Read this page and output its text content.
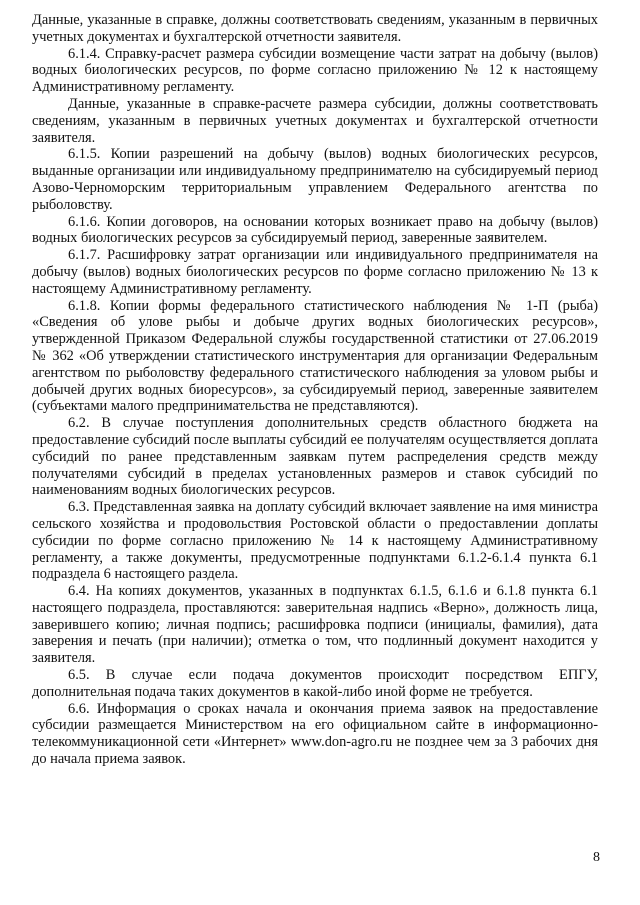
Данные, указанные в справке, должны соответствовать сведениям, указанным в первичных учетных документах и бухгалтерской отчетности заявителя.

6.1.4. Справку-расчет размера субсидии возмещение части затрат на добычу (вылов) водных биологических ресурсов, по форме согласно приложению № 12 к настоящему Административному регламенту.

Данные, указанные в справке-расчете размера субсидии, должны соответствовать сведениям, указанным в первичных учетных документах и бухгалтерской отчетности заявителя.

6.1.5. Копии разрешений на добычу (вылов) водных биологических ресурсов, выданные организации или индивидуальному предпринимателю на субсидируемый период Азово-Черноморским территориальным управлением Федерального агентства по рыболовству.

6.1.6. Копии договоров, на основании которых возникает право на добычу (вылов) водных биологических ресурсов за субсидируемый период, заверенные заявителем.

6.1.7. Расшифровку затрат организации или индивидуального предпринимателя на добычу (вылов) водных биологических ресурсов по форме согласно приложению № 13 к настоящему Административному регламенту.

6.1.8. Копии формы федерального статистического наблюдения № 1-П (рыба) «Сведения об улове рыбы и добыче других водных биологических ресурсов», утвержденной Приказом Федеральной службы государственной статистики от 27.06.2019 № 362 «Об утверждении статистического инструментария для организации Федеральным агентством по рыболовству федерального статистического наблюдения за уловом рыбы и добычей других водных биоресурсов», за субсидируемый период, заверенные заявителем (субъектами малого предпринимательства не представляются).

6.2. В случае поступления дополнительных средств областного бюджета на предоставление субсидий после выплаты субсидий ее получателям осуществляется доплата субсидий по ранее представленным заявкам путем распределения средств между получателями субсидий в пределах установленных размеров и ставок субсидий по наименованиям водных биологических ресурсов.

6.3. Представленная заявка на доплату субсидий включает заявление на имя министра сельского хозяйства и продовольствия Ростовской области о предоставлении доплаты субсидии по форме согласно приложению № 14 к настоящему Административному регламенту, а также документы, предусмотренные подпунктами 6.1.2-6.1.4 пункта 6.1 подраздела 6 настоящего раздела.

6.4. На копиях документов, указанных в подпунктах 6.1.5, 6.1.6 и 6.1.8 пункта 6.1 настоящего подраздела, проставляются: заверительная надпись «Верно», должность лица, заверившего копию; личная подпись; расшифровка подписи (инициалы, фамилия), дата заверения и печать (при наличии); отметка о том, что подлинный документ находится у заявителя.

6.5. В случае если подача документов происходит посредством ЕПГУ, дополнительная подача таких документов в какой-либо иной форме не требуется.

6.6. Информация о сроках начала и окончания приема заявок на предоставление субсидии размещается Министерством на его официальном сайте в информационно-телекоммуникационной сети «Интернет» www.don-agro.ru не позднее чем за 3 рабочих дня до начала приема заявок.

8
